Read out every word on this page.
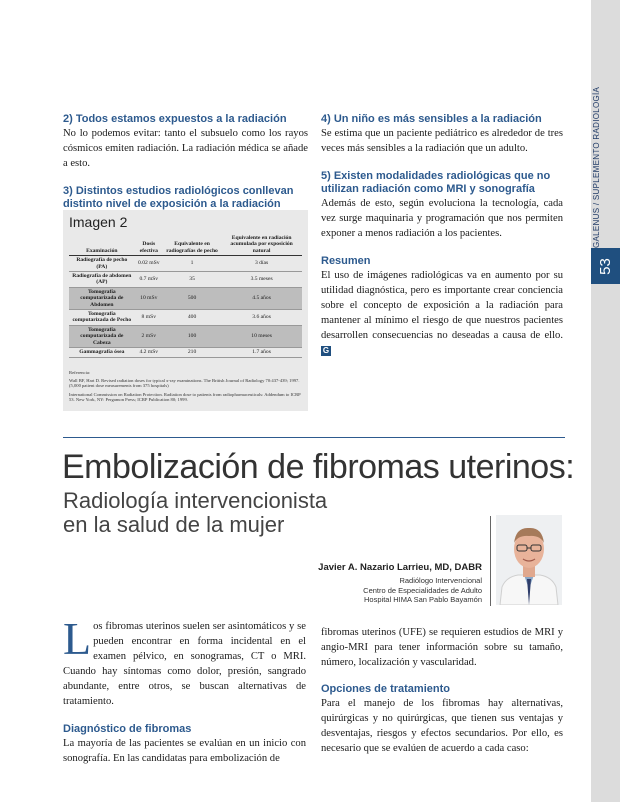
GALENUS / SUPLEMENTO RADIOLOGÍA
53

2) Todos estamos expuestos a la radiación

No lo podemos evitar: tanto el subsuelo como los rayos cósmicos emiten radiación. La radiación médica se añade a esto.

3) Distintos estudios radiológicos conllevan distinto nivel de exposición a la radiación

Imagen 2
Examinación	Dosis efectiva	Equivalente en radiografías de pecho	Equivalente en radiación acumulada por exposición natural
Radiografía de pecho (PA)	0.02 mSv	1	3 días
Radiografía de abdomen (AP)	0.7 mSv	35	3.5 meses
Tomografía computarizada de Abdomen	10 mSv	500	4.5 años
Tomografía computarizada de Pecho	8 mSv	400	3.6 años
Tomografía computarizada de Cabeza	2 mSv	100	10 meses
Gammagrafía ósea	4.2 mSv	210	1.7 años
Referencia:
Wall BF, Hart D. Revised radiation doses for typical x-ray examinations. The British Journal of Radiology 70:437-439; 1997. (5,000 patient dose measurements from 375 hospitals)
International Commission on Radiation Protection. Radiation dose to patients from radiopharmaceuticals: Addendum to ICRP 53. New York, NY: Pergamon Press; ICRP Publication 80; 1999.

4) Un niño es más sensibles a la radiación

Se estima que un paciente pediátrico es alrededor de tres veces más sensibles a la radiación que un adulto.

5) Existen modalidades radiológicas que no utilizan radiación como MRI y sonografía

Además de esto, según evoluciona la tecnología, cada vez surge maquinaria y programación que nos permiten exponer a menos radiación a los pacientes.

Resumen

El uso de imágenes radiológicas va en aumento por su utilidad diagnóstica, pero es importante crear conciencia sobre el concepto de exposición a la radiación para mantener al mínimo el riesgo de que nuestros pacientes desarrollen consecuencias no deseadas a causa de ello. G

Embolización de fibromas uterinos:
Radiología intervencionista
en la salud de la mujer
Javier A. Nazario Larrieu, MD, DABR
Radiólogo Intervencional
Centro de Especialidades de Adulto
Hospital HIMA San Pablo Bayamón

Los fibromas uterinos suelen ser asintomáticos y se pueden encontrar en forma incidental en el examen pélvico, en sonogramas, CT o MRI. Cuando hay síntomas como dolor, presión, sangrado abundante, entre otros, se buscan alternativas de tratamiento.

Diagnóstico de fibromas

La mayoría de las pacientes se evalúan en un inicio con sonografía. En las candidatas para embolización de

fibromas uterinos (UFE) se requieren estudios de MRI y angio-MRI para tener información sobre su tamaño, número, localización y vascularidad.

Opciones de tratamiento

Para el manejo de los fibromas hay alternativas, quirúrgicas y no quirúrgicas, que tienen sus ventajas y desventajas, riesgos y efectos secundarios. Por ello, es necesario que se evalúen de acuerdo a cada caso:
